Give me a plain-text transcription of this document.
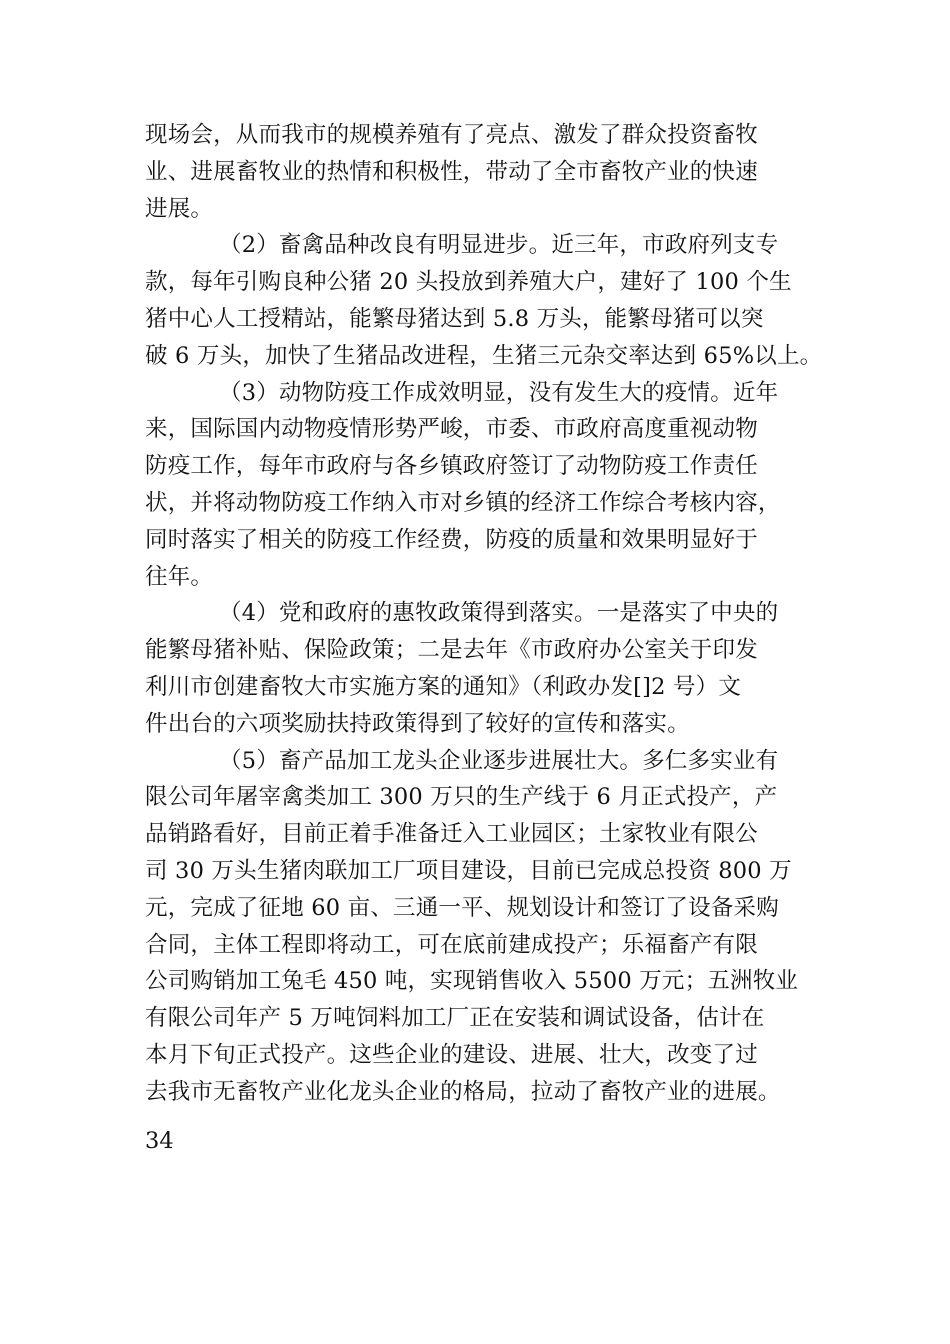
现场会，从而我市的规模养殖有了亮点、激发了群众投资畜牧
业、进展畜牧业的热情和积极性，带动了全市畜牧产业的快速
进展。
（2）畜禽品种改良有明显进步。近三年，市政府列支专
款，每年引购良种公猪 20 头投放到养殖大户，建好了 100 个生
猪中心人工授精站，能繁母猪达到 5.8 万头，能繁母猪可以突
破 6 万头，加快了生猪品改进程，生猪三元杂交率达到 65%以上。
（3）动物防疫工作成效明显，没有发生大的疫情。近年
来，国际国内动物疫情形势严峻，市委、市政府高度重视动物
防疫工作，每年市政府与各乡镇政府签订了动物防疫工作责任
状，并将动物防疫工作纳入市对乡镇的经济工作综合考核内容，
同时落实了相关的防疫工作经费，防疫的质量和效果明显好于
往年。
（4）党和政府的惠牧政策得到落实。一是落实了中央的
能繁母猪补贴、保险政策；二是去年《市政府办公室关于印发
利川市创建畜牧大市实施方案的通知》（利政办发[]2 号）文
件出台的六项奖励扶持政策得到了较好的宣传和落实。
（5）畜产品加工龙头企业逐步进展壮大。多仁多实业有
限公司年屠宰禽类加工 300 万只的生产线于 6 月正式投产，产
品销路看好，目前正着手准备迁入工业园区；土家牧业有限公
司 30 万头生猪肉联加工厂项目建设，目前已完成总投资 800 万
元，完成了征地 60 亩、三通一平、规划设计和签订了设备采购
合同，主体工程即将动工，可在底前建成投产；乐福畜产有限
公司购销加工兔毛 450 吨，实现销售收入 5500 万元；五洲牧业
有限公司年产 5 万吨饲料加工厂正在安装和调试设备，估计在
本月下旬正式投产。这些企业的建设、进展、壮大，改变了过
去我市无畜牧产业化龙头企业的格局，拉动了畜牧产业的进展。
34
